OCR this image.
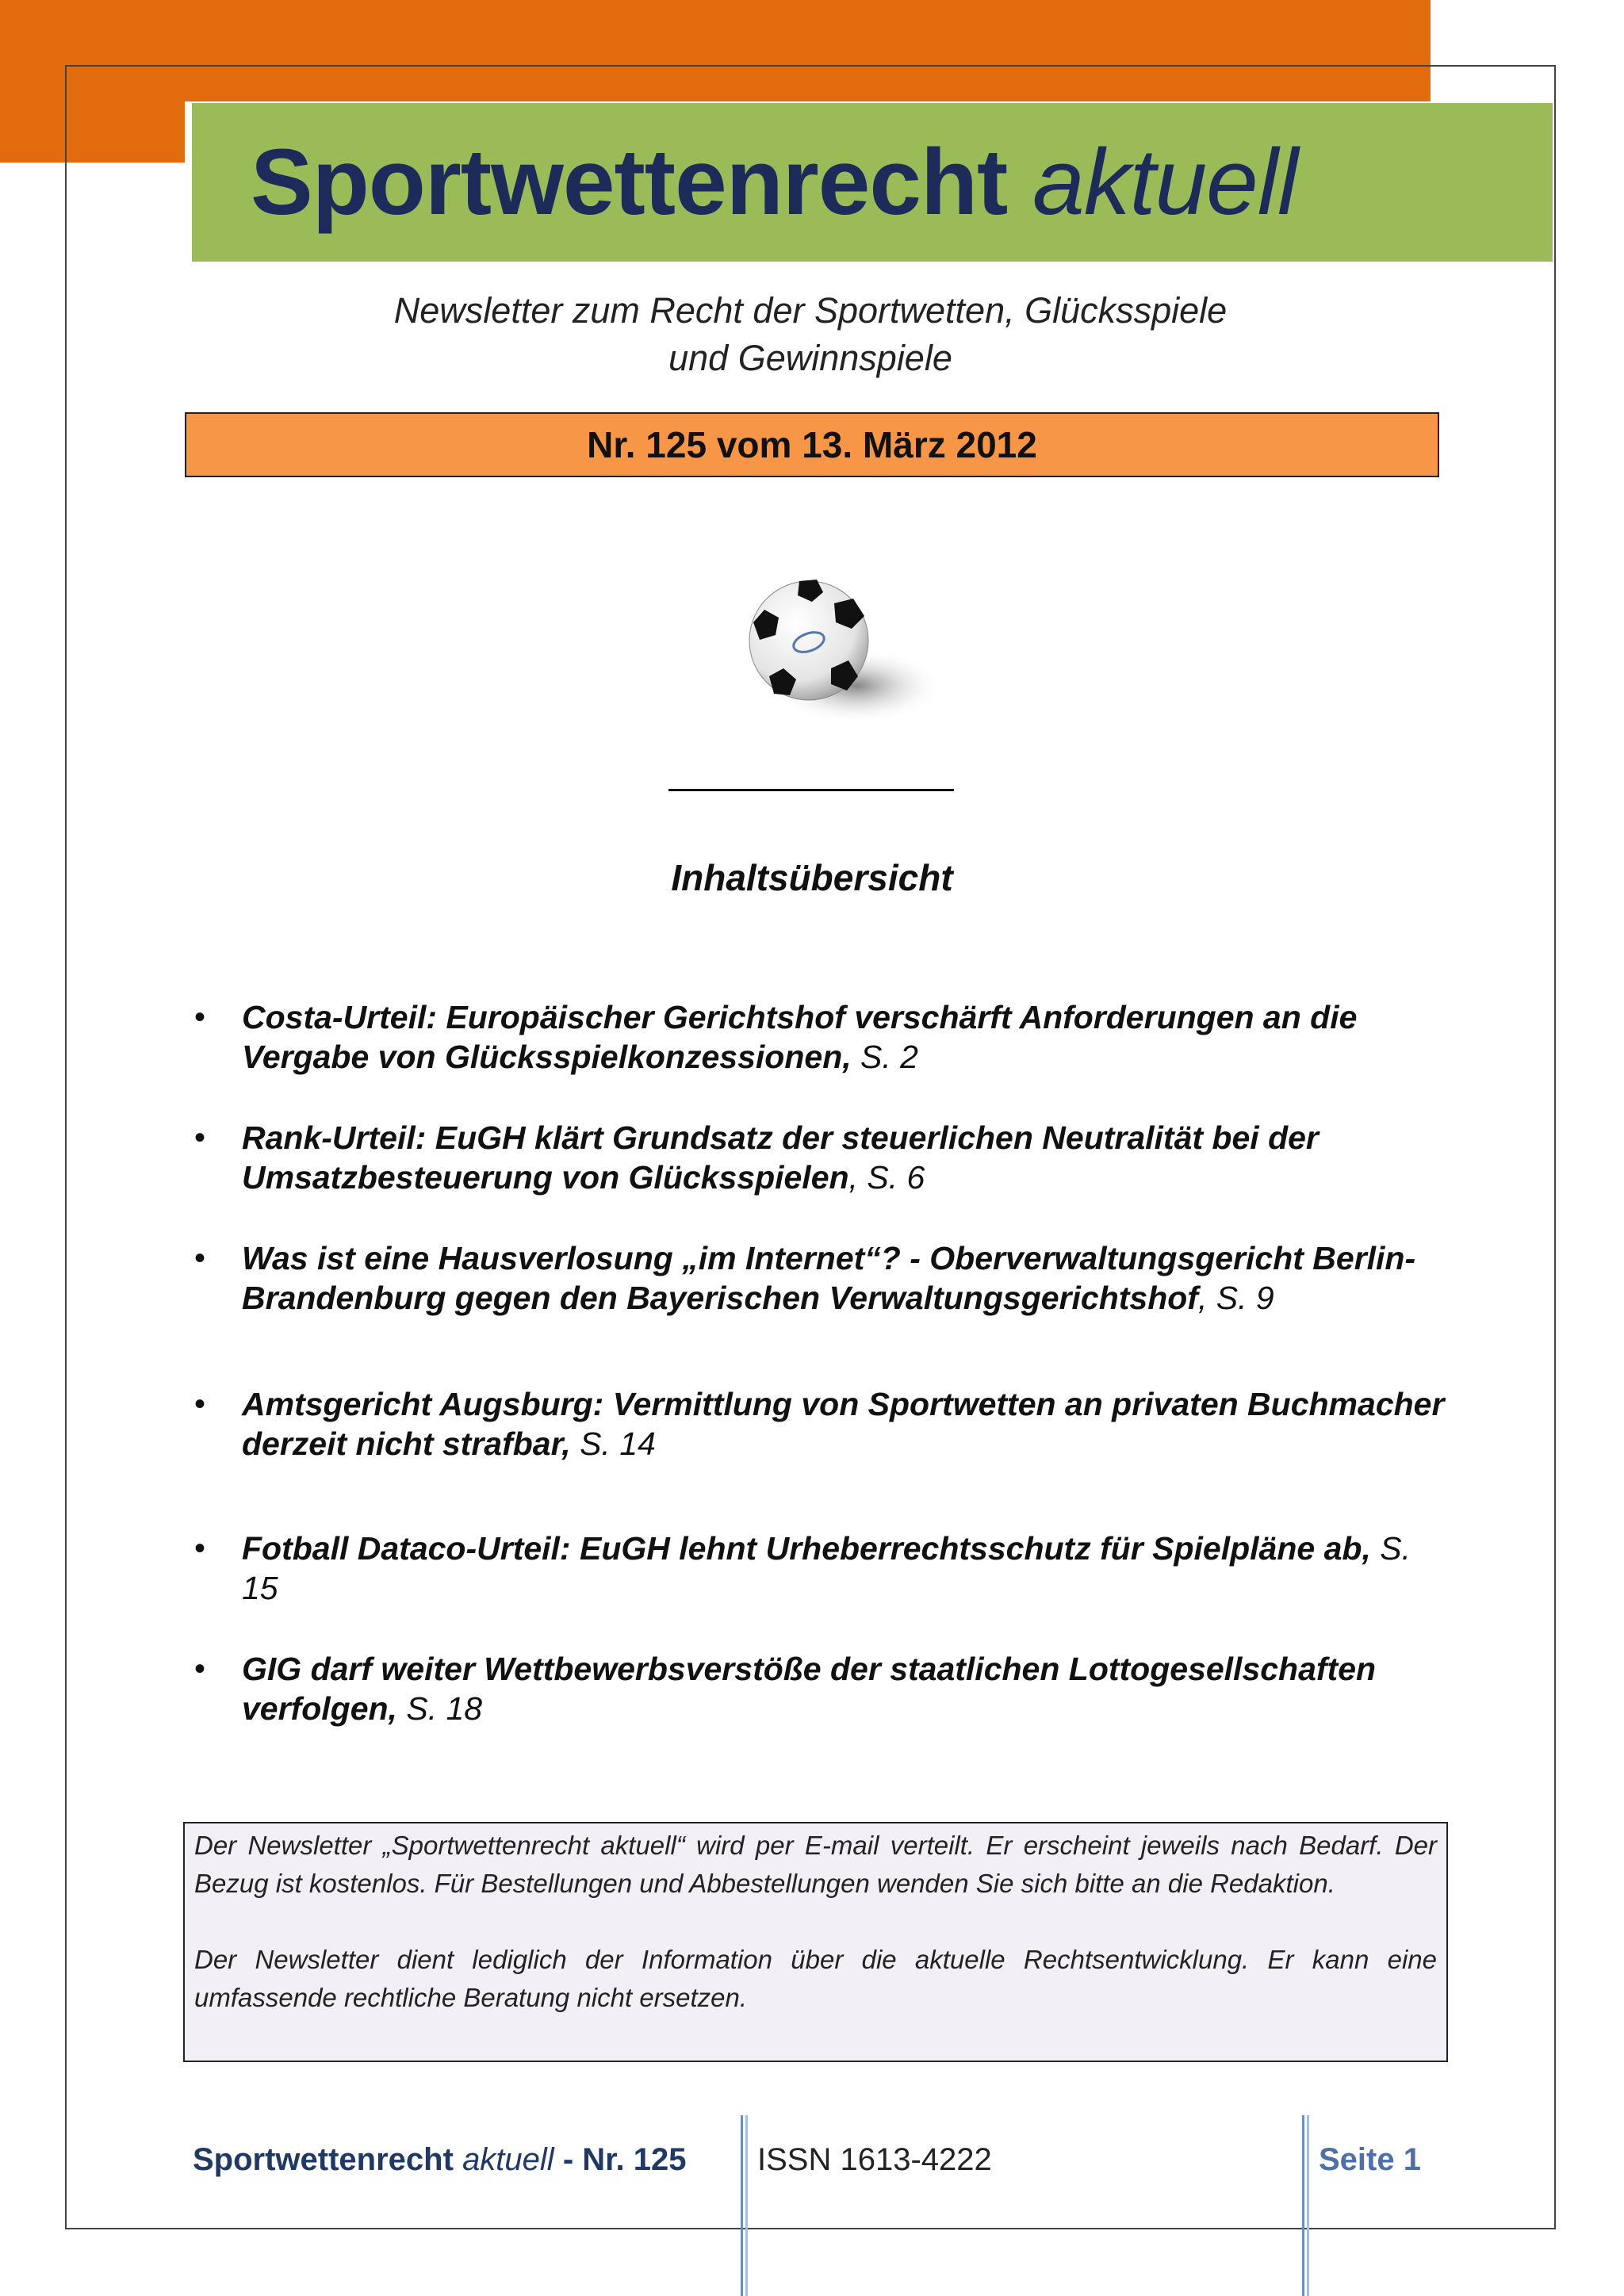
Sportwettenrecht aktuell
Newsletter zum Recht der Sportwetten, Glücksspiele
und Gewinnspiele
Nr. 125 vom 13. März 2012
Inhaltsübersicht
• Costa-Urteil: Europäischer Gerichtshof verschärft Anforderungen an die Vergabe von Glücksspielkonzessionen, S. 2
• Rank-Urteil: EuGH klärt Grundsatz der steuerlichen Neutralität bei der Umsatzbesteuerung von Glücksspielen, S. 6
• Was ist eine Hausverlosung „im Internet“? - Oberverwaltungsgericht Berlin-Brandenburg gegen den Bayerischen Verwaltungsgerichtshof, S. 9
• Amtsgericht Augsburg: Vermittlung von Sportwetten an privaten Buchmacher derzeit nicht strafbar, S. 14
• Fotball Dataco-Urteil: EuGH lehnt Urheberrechtsschutz für Spielpläne ab, S. 15
• GIG darf weiter Wettbewerbsverstöße der staatlichen Lottogesellschaften verfolgen, S. 18

Der Newsletter „Sportwettenrecht aktuell“ wird per E-mail verteilt. Er erscheint jeweils nach Bedarf. Der Bezug ist kostenlos. Für Bestellungen und Abbestellungen wenden Sie sich bitte an die Redaktion.

Der Newsletter dient lediglich der Information über die aktuelle Rechtsentwicklung. Er kann eine umfassende rechtliche Beratung nicht ersetzen.

Sportwettenrecht aktuell - Nr. 125 ISSN 1613-4222	Seite 1
